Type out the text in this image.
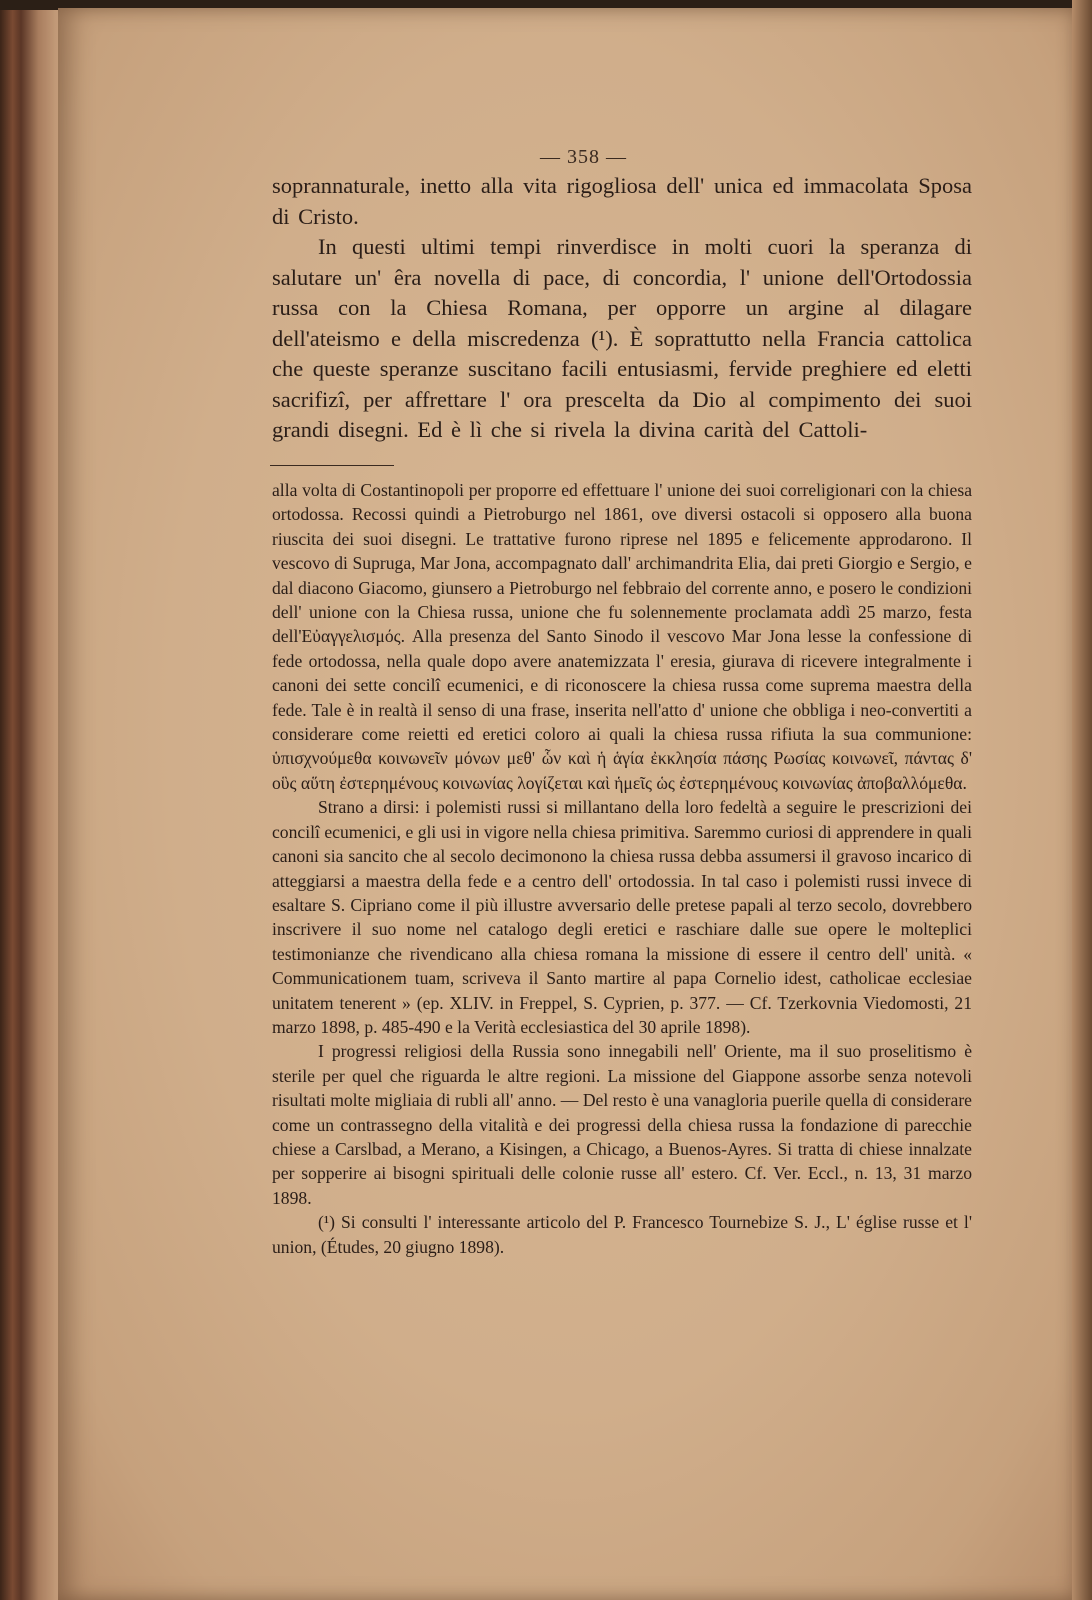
— 358 —

soprannaturale, inetto alla vita rigogliosa dell' unica ed immacolata Sposa di Cristo.

In questi ultimi tempi rinverdisce in molti cuori la speranza di salutare un' êra novella di pace, di concordia, l' unione dell'Ortodossia russa con la Chiesa Romana, per opporre un argine al dilagare dell'ateismo e della miscredenza (¹). È soprattutto nella Francia cattolica che queste speranze suscitano facili entusiasmi, fervide preghiere ed eletti sacrifizî, per affrettare l' ora prescelta da Dio al compimento dei suoi grandi disegni. Ed è lì che si rivela la divina carità del Cattoli-

alla volta di Costantinopoli per proporre ed effettuare l' unione dei suoi correligionari con la chiesa ortodossa. Recossi quindi a Pietroburgo nel 1861, ove diversi ostacoli si opposero alla buona riuscita dei suoi disegni. Le trattative furono riprese nel 1895 e felicemente approdarono. Il vescovo di Supruga, Mar Jona, accompagnato dall' archimandrita Elia, dai preti Giorgio e Sergio, e dal diacono Giacomo, giunsero a Pietroburgo nel febbraio del corrente anno, e posero le condizioni dell' unione con la Chiesa russa, unione che fu solennemente proclamata addì 25 marzo, festa dell'Εὐαγγελισμός. Alla presenza del Santo Sinodo il vescovo Mar Jona lesse la confessione di fede ortodossa, nella quale dopo avere anatemizzata l' eresia, giurava di ricevere integralmente i canoni dei sette concilî ecumenici, e di riconoscere la chiesa russa come suprema maestra della fede. Tale è in realtà il senso di una frase, inserita nell'atto d' unione che obbliga i neo-convertiti a considerare come reietti ed eretici coloro ai quali la chiesa russa rifiuta la sua communione: ὑπισχνούμεθα κοινωνεῖν μόνων μεθ' ὧν καὶ ἡ ἁγία ἐκκλησία πάσης Ρωσίας κοινωνεῖ, πάντας δ' οὓς αὕτη ἐστερημένους κοινωνίας λογίζεται καὶ ἡμεῖς ὡς ἐστερημένους κοινωνίας ἀποβαλλόμεθα.

Strano a dirsi: i polemisti russi si millantano della loro fedeltà a seguire le prescrizioni dei concilî ecumenici, e gli usi in vigore nella chiesa primitiva. Saremmo curiosi di apprendere in quali canoni sia sancito che al secolo decimonono la chiesa russa debba assumersi il gravoso incarico di atteggiarsi a maestra della fede e a centro dell' ortodossia. In tal caso i polemisti russi invece di esaltare S. Cipriano come il più illustre avversario delle pretese papali al terzo secolo, dovrebbero inscrivere il suo nome nel catalogo degli eretici e raschiare dalle sue opere le molteplici testimonianze che rivendicano alla chiesa romana la missione di essere il centro dell' unità. « Communicationem tuam, scriveva il Santo martire al papa Cornelio idest, catholicae ecclesiae unitatem tenerent » (ep. XLIV. in Freppel, S. Cyprien, p. 377. — Cf. Tzerkovnia Viedomosti, 21 marzo 1898, p. 485-490 e la Verità ecclesiastica del 30 aprile 1898).

I progressi religiosi della Russia sono innegabili nell' Oriente, ma il suo proselitismo è sterile per quel che riguarda le altre regioni. La missione del Giappone assorbe senza notevoli risultati molte migliaia di rubli all' anno. — Del resto è una vanagloria puerile quella di considerare come un contrassegno della vitalità e dei progressi della chiesa russa la fondazione di parecchie chiese a Carslbad, a Merano, a Kisingen, a Chicago, a Buenos-Ayres. Si tratta di chiese innalzate per sopperire ai bisogni spirituali delle colonie russe all' estero. Cf. Ver. Eccl., n. 13, 31 marzo 1898.

(¹) Si consulti l' interessante articolo del P. Francesco Tournebize S. J., L' église russe et l' union, (Études, 20 giugno 1898).
